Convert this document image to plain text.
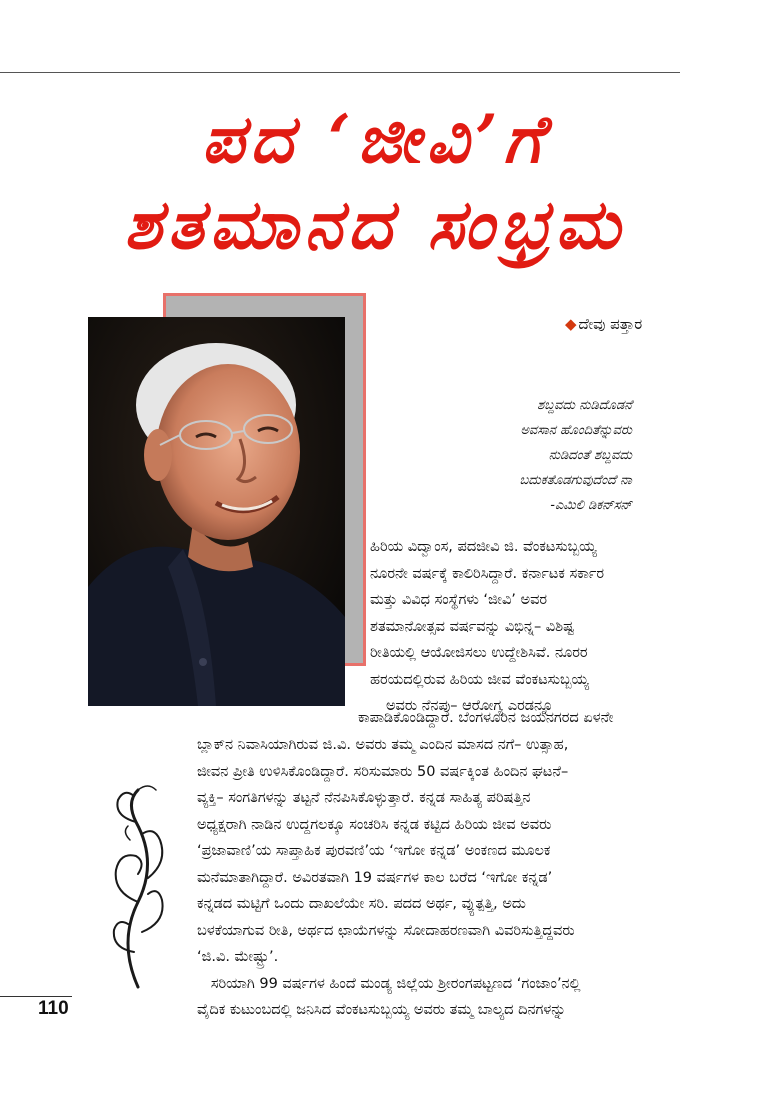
ಪದ ‘ಜೀವಿ’ಗೆ
ಶತಮಾನದ ಸಂಭ್ರಮ
◆ ದೇವು ಪತ್ತಾರ
ಶಬ್ದವದು ನುಡಿದೊಡನೆ
ಅವಸಾನ ಹೊಂದಿತೆನ್ನುವರು
ನುಡಿದಂತೆ ಶಬ್ದವದು
ಬದುಕತೊಡಗುವುದೆಂದೆ ನಾ
-ಎಮಿಲಿ ಡಿಕನ್‌ಸನ್
ಹಿರಿಯ ವಿದ್ವಾಂಸ, ಪದಜೀವಿ ಜಿ. ವೆಂಕಟಸುಬ್ಬಯ್ಯ
ನೂರನೇ ವರ್ಷಕ್ಕೆ ಕಾಲಿರಿಸಿದ್ದಾರೆ. ಕರ್ನಾಟಕ ಸರ್ಕಾರ
ಮತ್ತು ವಿವಿಧ ಸಂಸ್ಥೆಗಳು ‘ಜೀವಿ’ ಅವರ
ಶತಮಾನೋತ್ಸವ ವರ್ಷವನ್ನು ವಿಭಿನ್ನ– ವಿಶಿಷ್ಟ
ರೀತಿಯಲ್ಲಿ ಆಯೋಜಿಸಲು ಉದ್ದೇಶಿಸಿವೆ. ನೂರರ
ಹರಯದಲ್ಲಿರುವ ಹಿರಿಯ ಜೀವ ವೆಂಕಟಸುಬ್ಬಯ್ಯ
ಅವರು ನೆನಪು– ಆರೋಗ್ಯ ಎರಡನ್ನೂ
ಕಾಪಾಡಿಕೊಂಡಿದ್ದಾರೆ. ಬೆಂಗಳೂರಿನ ಜಯನಗರದ ಏಳನೇ
ಬ್ಲಾಕ್‌ನ ನಿವಾಸಿಯಾಗಿರುವ ಜಿ.ವಿ. ಅವರು ತಮ್ಮ ಎಂದಿನ ಮಾಸದ ನಗೆ– ಉತ್ಸಾಹ,
ಜೀವನ ಪ್ರೀತಿ ಉಳಿಸಿಕೊಂಡಿದ್ದಾರೆ. ಸರಿಸುಮಾರು 50 ವರ್ಷಕ್ಕಿಂತ ಹಿಂದಿನ ಘಟನೆ–
ವ್ಯಕ್ತಿ– ಸಂಗತಿಗಳನ್ನು ತಟ್ಟನೆ ನೆನಪಿಸಿಕೊಳ್ಳುತ್ತಾರೆ. ಕನ್ನಡ ಸಾಹಿತ್ಯ ಪರಿಷತ್ತಿನ
ಅಧ್ಯಕ್ಷರಾಗಿ ನಾಡಿನ ಉದ್ದಗಲಕ್ಕೂ ಸಂಚರಿಸಿ ಕನ್ನಡ ಕಟ್ಟಿದ ಹಿರಿಯ ಜೀವ ಅವರು
‘ಪ್ರಜಾವಾಣಿ’ಯ ಸಾಪ್ತಾಹಿಕ ಪುರವಣಿ’ಯ ‘ಇಗೋ ಕನ್ನಡ’ ಅಂಕಣದ ಮೂಲಕ
ಮನೆಮಾತಾಗಿದ್ದಾರೆ. ಅವಿರತವಾಗಿ 19 ವರ್ಷಗಳ ಕಾಲ ಬರೆದ ‘ಇಗೋ ಕನ್ನಡ’
ಕನ್ನಡದ ಮಟ್ಟಿಗೆ ಒಂದು ದಾಖಲೆಯೇ ಸರಿ. ಪದದ ಅರ್ಥ, ವ್ಯುತ್ಪತ್ತಿ, ಅದು
ಬಳಕೆಯಾಗುವ ರೀತಿ, ಅರ್ಥದ ಛಾಯೆಗಳನ್ನು ಸೋದಾಹರಣವಾಗಿ ವಿವರಿಸುತ್ತಿದ್ದವರು
‘ಜಿ.ವಿ. ಮೇಷ್ಟ್ರು’.
ಸರಿಯಾಗಿ 99 ವರ್ಷಗಳ ಹಿಂದೆ ಮಂಡ್ಯ ಜಿಲ್ಲೆಯ ಶ್ರೀರಂಗಪಟ್ಟಣದ ‘ಗಂಜಾಂ’ನಲ್ಲಿ
ವೈದಿಕ ಕುಟುಂಬದಲ್ಲಿ ಜನಿಸಿದ ವೆಂಕಟಸುಬ್ಬಯ್ಯ ಅವರು ತಮ್ಮ ಬಾಲ್ಯದ ದಿನಗಳನ್ನು
110
